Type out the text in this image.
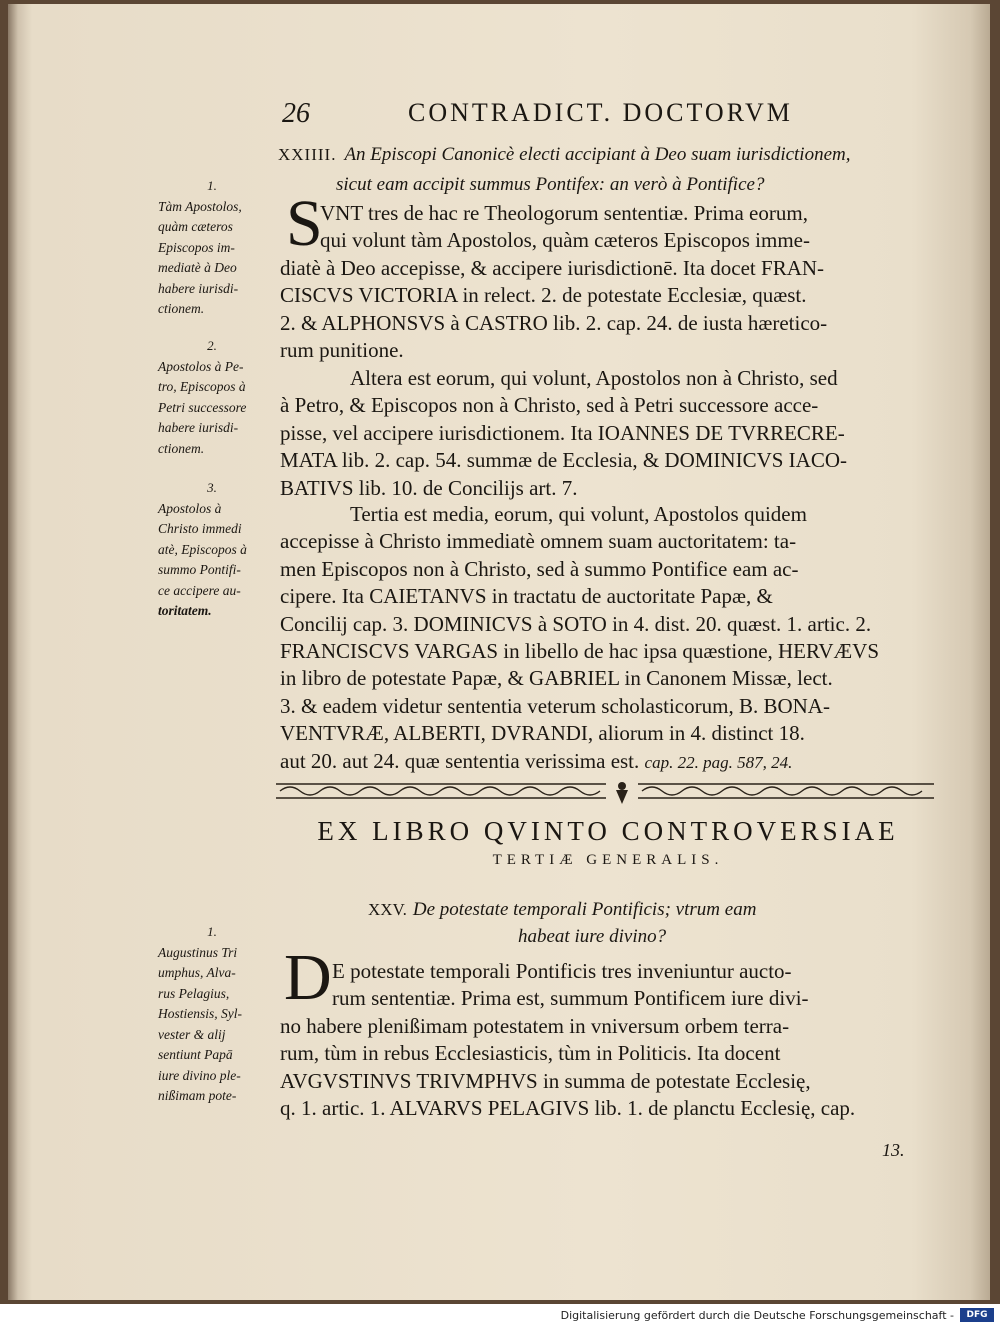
26	CONTRADICT. DOCTORVM
XXIIII. An Episcopi Canonicè electi accipiant à Deo suam iurisdictionem,
sicut eam accipit summus Pontifex: an verò à Pontifice?
1.
Tàm Apostolos,
quàm cæteros
Episcopos im-
mediatè à Deo
habere iurisdi-
ctionem.
2.
Apostolos à Pe-
tro, Episcopos à
Petri successore
habere iurisdi-
ctionem.
3.
Apostolos à
Christo immedi
atè, Episcopos à
summo Pontifi-
ce accipere au-
toritatem.
S
VNT tres de hac re Theologorum sententiæ. Prima eorum,
qui volunt tàm Apostolos, quàm cæteros Episcopos imme-
diatè à Deo accepisse, & accipere iurisdictionē. Ita docet FRAN-
CISCVS VICTORIA in relect. 2. de potestate Ecclesiæ, quæst.
2. & ALPHONSVS à CASTRO lib. 2. cap. 24. de iusta hæretico-
rum punitione.
Altera est eorum, qui volunt, Apostolos non à Christo, sed
à Petro, & Episcopos non à Christo, sed à Petri successore acce-
pisse, vel accipere iurisdictionem. Ita IOANNES DE TVRRECRE-
MATA lib. 2. cap. 54. summæ de Ecclesia, & DOMINICVS IACO-
BATIVS lib. 10. de Concilijs art. 7.
Tertia est media, eorum, qui volunt, Apostolos quidem
accepisse à Christo immediatè omnem suam auctoritatem: ta-
men Episcopos non à Christo, sed à summo Pontifice eam ac-
cipere. Ita CAIETANVS in tractatu de auctoritate Papæ, &
Concilij cap. 3. DOMINICVS à SOTO in 4. dist. 20. quæst. 1. artic. 2.
FRANCISCVS VARGAS in libello de hac ipsa quæstione, HERVÆVS
in libro de potestate Papæ, & GABRIEL in Canonem Missæ, lect.
3. & eadem videtur sententia veterum scholasticorum, B. BONA-
VENTVRÆ, ALBERTI, DVRANDI, aliorum in 4. distinct 18.
aut 20. aut 24. quæ sententia verissima est. cap. 22. pag. 587, 24.
EX LIBRO QVINTO CONTROVERSIAE
TERTIÆ GENERALIS.
XXV. De potestate temporali Pontificis; vtrum eam
habeat iure divino?
1.
Augustinus Tri
umphus, Alva-
rus Pelagius,
Hostiensis, Syl-
vester & alij
sentiunt Papā
iure divino ple-
nißimam pote-
D E potestate temporali Pontificis tres inveniuntur aucto-
rum sententiæ. Prima est, summum Pontificem iure divi-
no habere plenißimam potestatem in vniversum orbem terra-
rum, tùm in rebus Ecclesiasticis, tùm in Politicis. Ita docent
AVGVSTINVS TRIVMPHVS in summa de potestate Ecclesię,
q. 1. artic. 1. ALVARVS PELAGIVS lib. 1. de planctu Ecclesię, cap.
13.
Digitalisierung gefördert durch die Deutsche Forschungsgemeinschaft -	DFG
